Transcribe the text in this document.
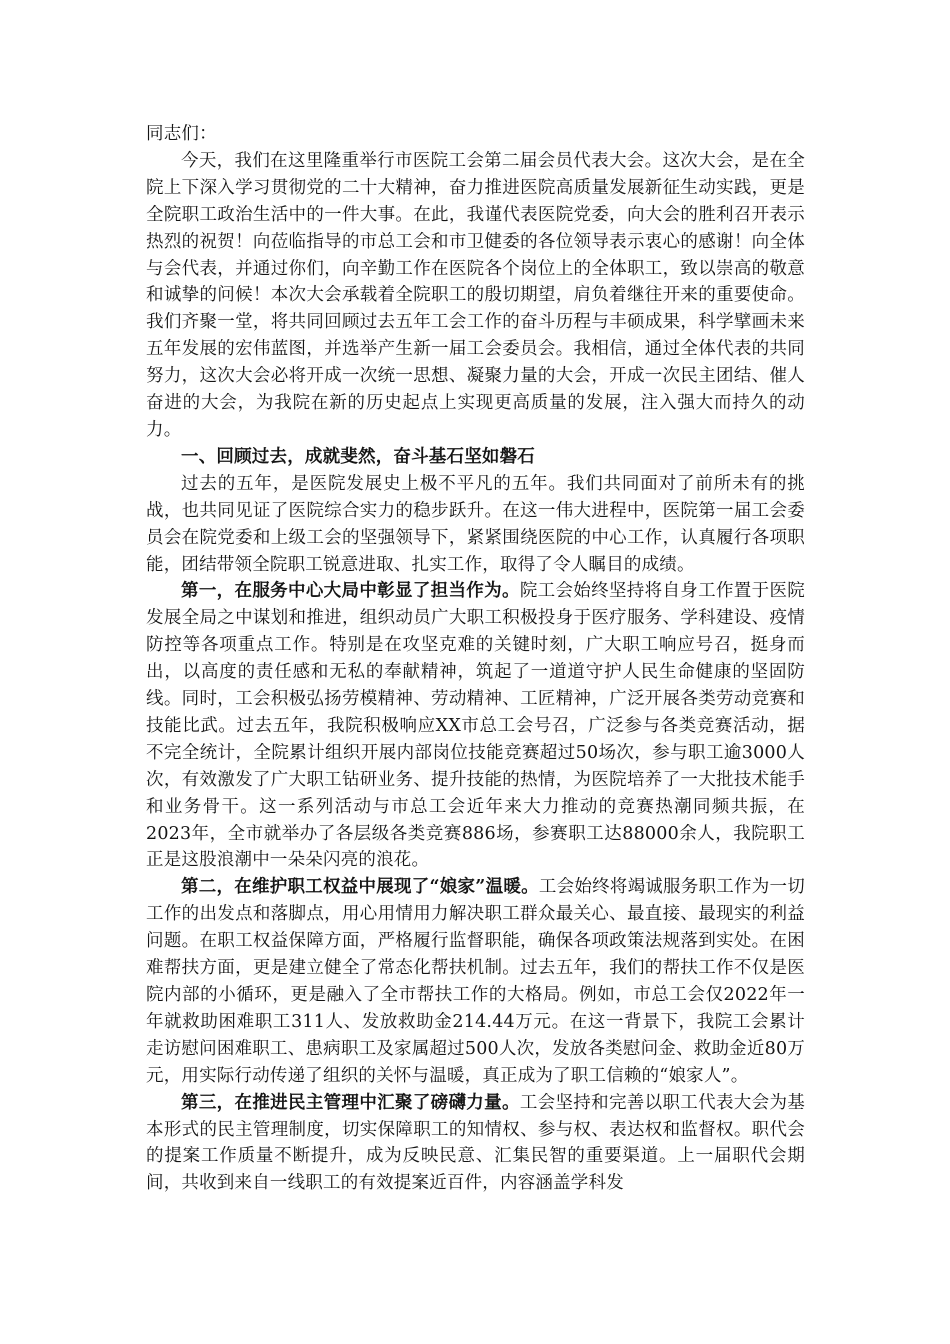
同志们：

今天，我们在这里隆重举行市医院工会第二届会员代表大会。这次大会，是在全院上下深入学习贯彻党的二十大精神，奋力推进医院高质量发展新征生动实践，更是全院职工政治生活中的一件大事。在此，我谨代表医院党委，向大会的胜利召开表示热烈的祝贺！向莅临指导的市总工会和市卫健委的各位领导表示衷心的感谢！向全体与会代表，并通过你们，向辛勤工作在医院各个岗位上的全体职工，致以崇高的敬意和诚挚的问候！本次大会承载着全院职工的殷切期望，肩负着继往开来的重要使命。我们齐聚一堂，将共同回顾过去五年工会工作的奋斗历程与丰硕成果，科学擘画未来五年发展的宏伟蓝图，并选举产生新一届工会委员会。我相信，通过全体代表的共同努力，这次大会必将开成一次统一思想、凝聚力量的大会，开成一次民主团结、催人奋进的大会，为我院在新的历史起点上实现更高质量的发展，注入强大而持久的动力。

一、回顾过去，成就斐然，奋斗基石坚如磐石

过去的五年，是医院发展史上极不平凡的五年。我们共同面对了前所未有的挑战，也共同见证了医院综合实力的稳步跃升。在这一伟大进程中，医院第一届工会委员会在院党委和上级工会的坚强领导下，紧紧围绕医院的中心工作，认真履行各项职能，团结带领全院职工锐意进取、扎实工作，取得了令人瞩目的成绩。

第一，在服务中心大局中彰显了担当作为。院工会始终坚持将自身工作置于医院发展全局之中谋划和推进，组织动员广大职工积极投身于医疗服务、学科建设、疫情防控等各项重点工作。特别是在攻坚克难的关键时刻，广大职工响应号召，挺身而出，以高度的责任感和无私的奉献精神，筑起了一道道守护人民生命健康的坚固防线。同时，工会积极弘扬劳模精神、劳动精神、工匠精神，广泛开展各类劳动竞赛和技能比武。过去五年，我院积极响应XX市总工会号召，广泛参与各类竞赛活动，据不完全统计，全院累计组织开展内部岗位技能竞赛超过50场次，参与职工逾3000人次，有效激发了广大职工钻研业务、提升技能的热情，为医院培养了一大批技术能手和业务骨干。这一系列活动与市总工会近年来大力推动的竞赛热潮同频共振，在2023年，全市就举办了各层级各类竞赛886场，参赛职工达88000余人，我院职工正是这股浪潮中一朵朵闪亮的浪花。

第二，在维护职工权益中展现了“娘家”温暖。工会始终将竭诚服务职工作为一切工作的出发点和落脚点，用心用情用力解决职工群众最关心、最直接、最现实的利益问题。在职工权益保障方面，严格履行监督职能，确保各项政策法规落到实处。在困难帮扶方面，更是建立健全了常态化帮扶机制。过去五年，我们的帮扶工作不仅是医院内部的小循环，更是融入了全市帮扶工作的大格局。例如，市总工会仅2022年一年就救助困难职工311人、发放救助金214.44万元。在这一背景下，我院工会累计走访慰问困难职工、患病职工及家属超过500人次，发放各类慰问金、救助金近80万元，用实际行动传递了组织的关怀与温暖，真正成为了职工信赖的“娘家人”。

第三，在推进民主管理中汇聚了磅礴力量。工会坚持和完善以职工代表大会为基本形式的民主管理制度，切实保障职工的知情权、参与权、表达权和监督权。职代会的提案工作质量不断提升，成为反映民意、汇集民智的重要渠道。上一届职代会期间，共收到来自一线职工的有效提案近百件，内容涵盖学科发
